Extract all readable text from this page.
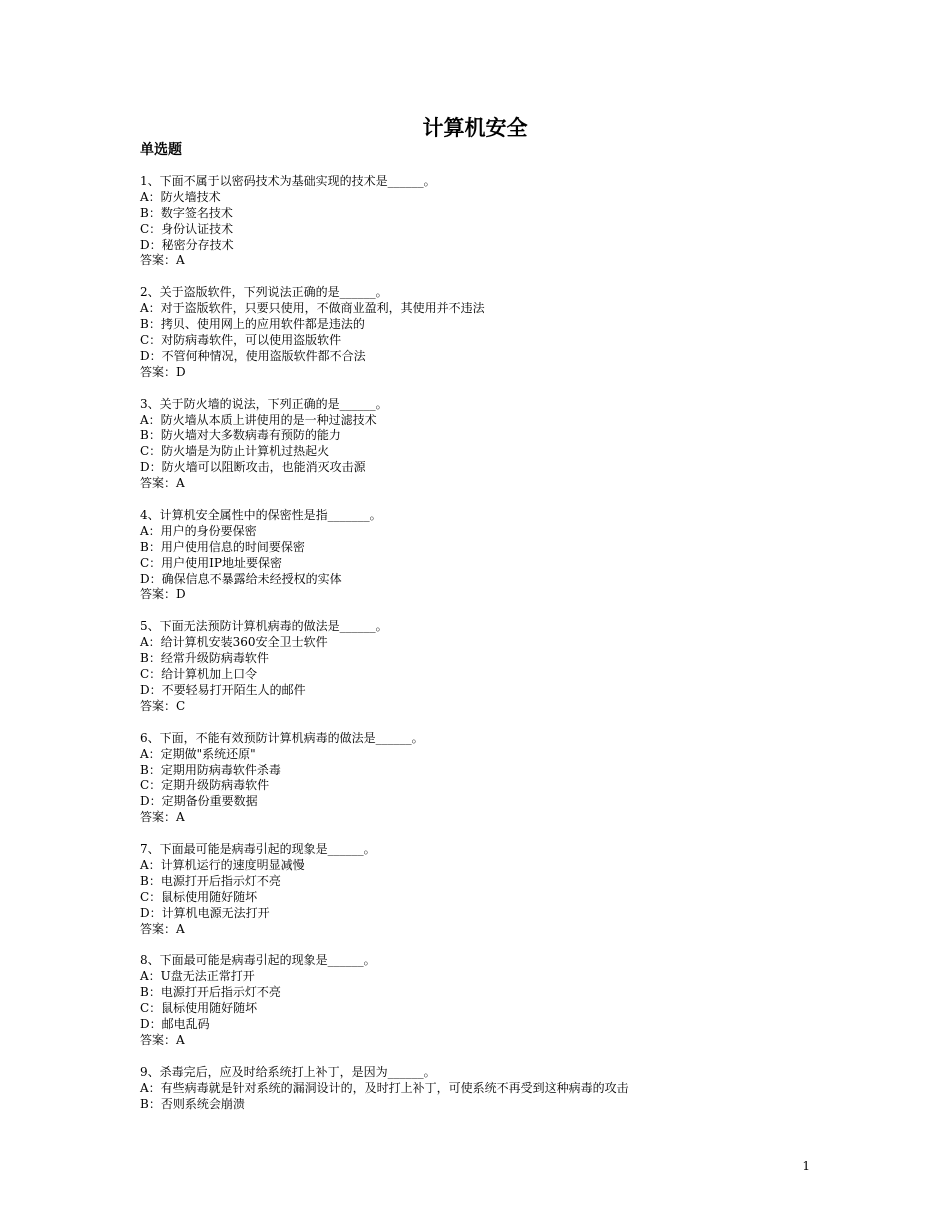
计算机安全
单选题
1、下面不属于以密码技术为基础实现的技术是______。
A：防火墙技术
B：数字签名技术
C：身份认证技术
D：秘密分存技术
答案：A
2、关于盗版软件，下列说法正确的是______。
A：对于盗版软件，只要只使用，不做商业盈利，其使用并不违法
B：拷贝、使用网上的应用软件都是违法的
C：对防病毒软件，可以使用盗版软件
D：不管何种情况，使用盗版软件都不合法
答案：D
3、关于防火墙的说法，下列正确的是______。
A：防火墙从本质上讲使用的是一种过滤技术
B：防火墙对大多数病毒有预防的能力
C：防火墙是为防止计算机过热起火
D：防火墙可以阻断攻击，也能消灭攻击源
答案：A
4、计算机安全属性中的保密性是指_______。
A：用户的身份要保密
B：用户使用信息的时间要保密
C：用户使用IP地址要保密
D：确保信息不暴露给未经授权的实体
答案：D
5、下面无法预防计算机病毒的做法是______。
A：给计算机安装360安全卫士软件
B：经常升级防病毒软件
C：给计算机加上口令
D：不要轻易打开陌生人的邮件
答案：C
6、下面，不能有效预防计算机病毒的做法是______。
A：定期做"系统还原"
B：定期用防病毒软件杀毒
C：定期升级防病毒软件
D：定期备份重要数据
答案：A
7、下面最可能是病毒引起的现象是______。
A：计算机运行的速度明显减慢
B：电源打开后指示灯不亮
C：鼠标使用随好随坏
D：计算机电源无法打开
答案：A
8、下面最可能是病毒引起的现象是______。
A：U盘无法正常打开
B：电源打开后指示灯不亮
C：鼠标使用随好随坏
D：邮电乱码
答案：A
9、杀毒完后，应及时给系统打上补丁，是因为______。
A：有些病毒就是针对系统的漏洞设计的，及时打上补丁，可使系统不再受到这种病毒的攻击
B：否则系统会崩溃
1
